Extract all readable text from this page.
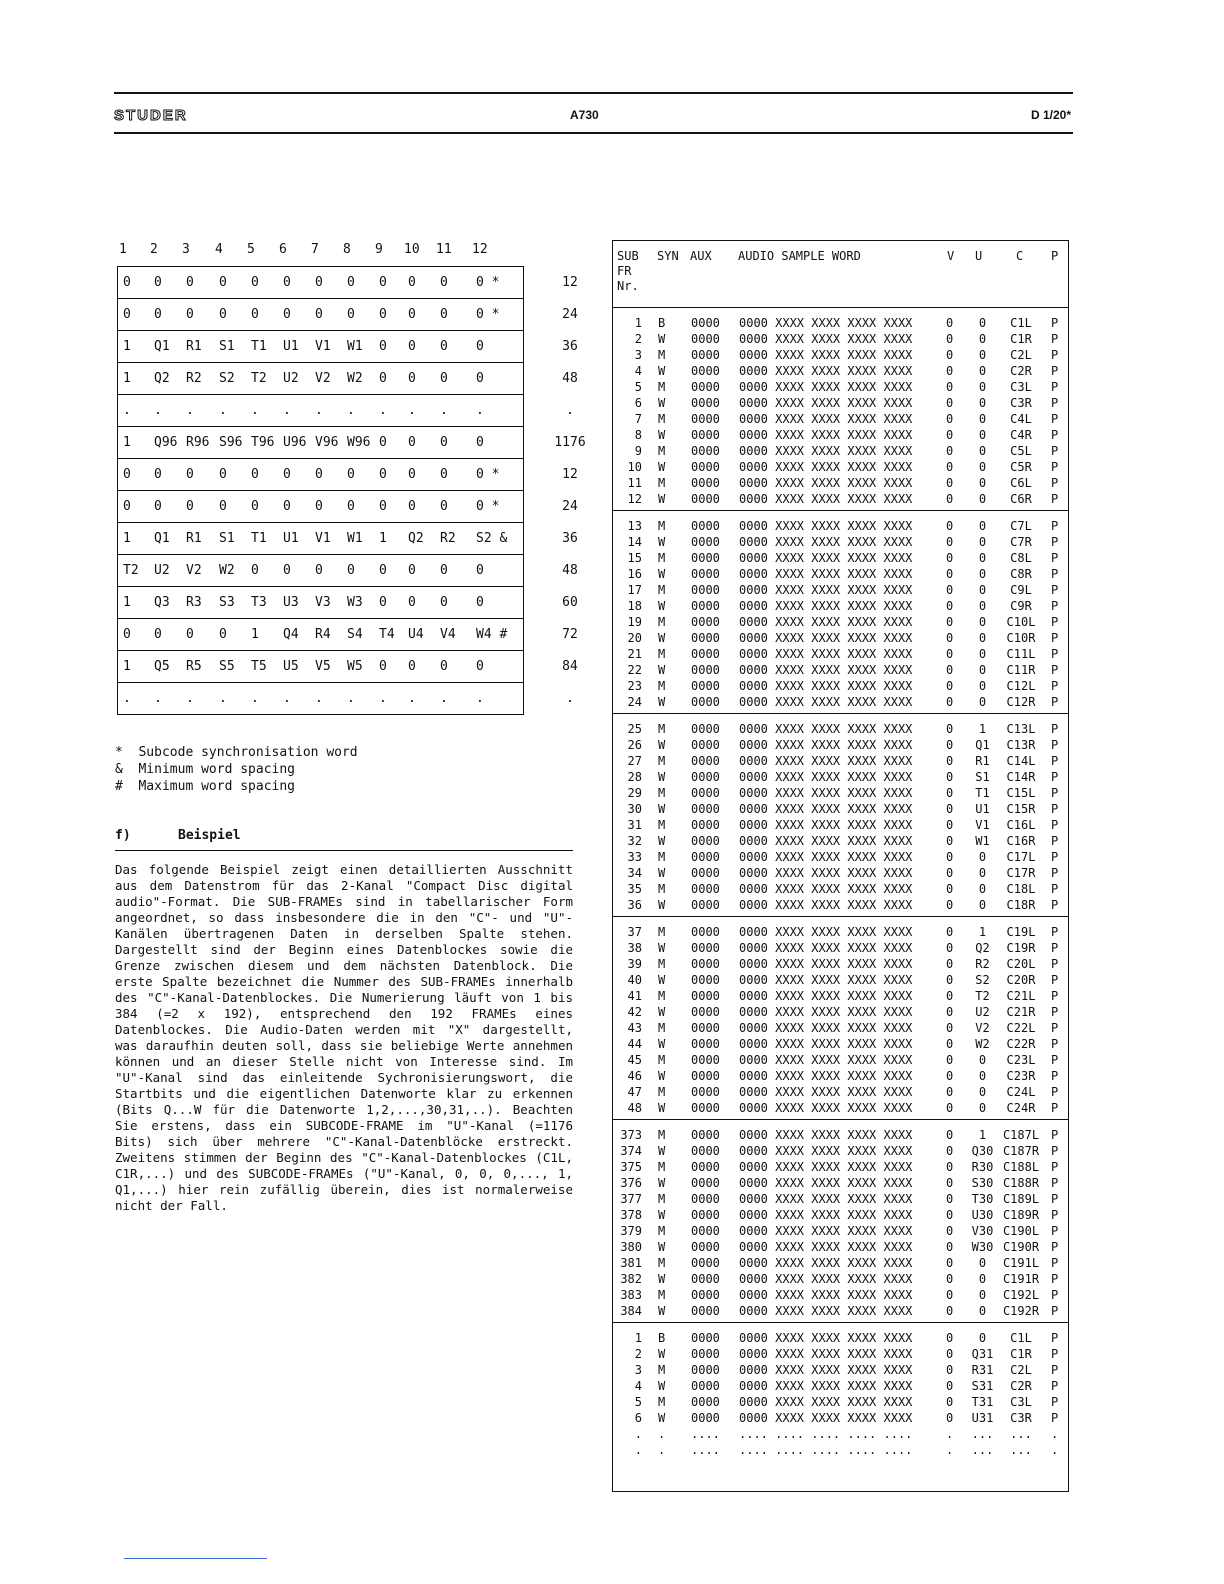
STUDER	A730	D 1/20*
1 2 3 4 5 6 7 8 9 10 11 12
0 0 0 0 0 0 0 0 0 0 0 0 *	12
0 0 0 0 0 0 0 0 0 0 0 0 *	24
1 Q1 R1 S1 T1 U1 V1 W1 0 0 0 0	36
1 Q2 R2 S2 T2 U2 V2 W2 0 0 0 0	48
. . . . . . . . . . . .	.
1 Q96 R96 S96 T96 U96 V96 W96 0 0 0 0	1176
0 0 0 0 0 0 0 0 0 0 0 0 *	12
0 0 0 0 0 0 0 0 0 0 0 0 *	24
1 Q1 R1 S1 T1 U1 V1 W1 1 Q2 R2 S2 &	36
T2 U2 V2 W2 0 0 0 0 0 0 0 0	48
1 Q3 R3 S3 T3 U3 V3 W3 0 0 0 0	60
0 0 0 0 1 Q4 R4 S4 T4 U4 V4 W4 #	72
1 Q5 R5 S5 T5 U5 V5 W5 0 0 0 0	84
. . . . . . . . . . . .	.
*  Subcode synchronisation word
&  Minimum word spacing
#  Maximum word spacing
f)	Beispiel
Das folgende Beispiel zeigt einen detaillierten Ausschnitt aus dem Datenstrom für das 2-Kanal "Compact Disc digital audio"-Format. Die SUB-FRAMEs sind in tabellarischer Form angeordnet, so dass insbesondere die in den "C"- und "U"-Kanälen übertragenen Daten in derselben Spalte stehen. Dargestellt sind der Beginn eines Datenblockes sowie die Grenze zwischen diesem und dem nächsten Datenblock. Die erste Spalte bezeichnet die Nummer des SUB-FRAMEs innerhalb des "C"-Kanal-Datenblockes. Die Numerierung läuft von 1 bis 384 (=2 x 192), entsprechend den 192 FRAMEs eines Datenblockes. Die Audio-Daten werden mit "X" dargestellt, was daraufhin deuten soll, dass sie beliebige Werte annehmen können und an dieser Stelle nicht von Interesse sind. Im "U"-Kanal sind das einleitende Sychronisierungswort, die Startbits und die eigentlichen Datenworte klar zu erkennen (Bits Q...W für die Datenworte 1,2,...,30,31,..). Beachten Sie erstens, dass ein SUBCODE-FRAME im "U"-Kanal (=1176 Bits) sich über mehrere "C"-Kanal-Datenblöcke erstreckt. Zweitens stimmen der Beginn des "C"-Kanal-Datenblockes (C1L, C1R,...) und des SUBCODE-FRAMEs ("U"-Kanal, 0, 0, 0,..., 1, Q1,...) hier rein zufällig überein, dies ist normalerweise nicht der Fall.
SUB
FR
Nr.
SYN AUX AUDIO SAMPLE WORD	V U	C P
1 B 0000 0000 XXXX XXXX XXXX XXXX	0	0	C1L	P
2 W 0000 0000 XXXX XXXX XXXX XXXX	0	0	C1R	P
3 M 0000 0000 XXXX XXXX XXXX XXXX	0	0	C2L	P
4 W 0000 0000 XXXX XXXX XXXX XXXX	0	0	C2R	P
5 M 0000 0000 XXXX XXXX XXXX XXXX	0	0	C3L	P
6 W 0000 0000 XXXX XXXX XXXX XXXX	0	0	C3R	P
7 M 0000 0000 XXXX XXXX XXXX XXXX	0	0	C4L	P
8 W 0000 0000 XXXX XXXX XXXX XXXX	0	0	C4R	P
9 M 0000 0000 XXXX XXXX XXXX XXXX	0	0	C5L	P
10 W 0000 0000 XXXX XXXX XXXX XXXX	0	0	C5R	P
11 M 0000 0000 XXXX XXXX XXXX XXXX	0	0	C6L	P
12 W 0000 0000 XXXX XXXX XXXX XXXX	0	0	C6R	P
13 M 0000 0000 XXXX XXXX XXXX XXXX	0	0	C7L	P
14 W 0000 0000 XXXX XXXX XXXX XXXX	0	0	C7R	P
15 M 0000 0000 XXXX XXXX XXXX XXXX	0	0	C8L	P
16 W 0000 0000 XXXX XXXX XXXX XXXX	0	0	C8R	P
17 M 0000 0000 XXXX XXXX XXXX XXXX	0	0	C9L	P
18 W 0000 0000 XXXX XXXX XXXX XXXX	0	0	C9R	P
19 M 0000 0000 XXXX XXXX XXXX XXXX	0	0	C10L	P
20 W 0000 0000 XXXX XXXX XXXX XXXX	0	0	C10R	P
21 M 0000 0000 XXXX XXXX XXXX XXXX	0	0	C11L	P
22 W 0000 0000 XXXX XXXX XXXX XXXX	0	0	C11R	P
23 M 0000 0000 XXXX XXXX XXXX XXXX	0	0	C12L	P
24 W 0000 0000 XXXX XXXX XXXX XXXX	0	0	C12R	P
25 M 0000 0000 XXXX XXXX XXXX XXXX	0	1	C13L	P
26 W 0000 0000 XXXX XXXX XXXX XXXX	0	Q1	C13R	P
27 M 0000 0000 XXXX XXXX XXXX XXXX	0	R1	C14L	P
28 W 0000 0000 XXXX XXXX XXXX XXXX	0	S1	C14R	P
29 M 0000 0000 XXXX XXXX XXXX XXXX	0	T1	C15L	P
30 W 0000 0000 XXXX XXXX XXXX XXXX	0	U1	C15R	P
31 M 0000 0000 XXXX XXXX XXXX XXXX	0	V1	C16L	P
32 W 0000 0000 XXXX XXXX XXXX XXXX	0	W1	C16R	P
33 M 0000 0000 XXXX XXXX XXXX XXXX	0	0	C17L	P
34 W 0000 0000 XXXX XXXX XXXX XXXX	0	0	C17R	P
35 M 0000 0000 XXXX XXXX XXXX XXXX	0	0	C18L	P
36 W 0000 0000 XXXX XXXX XXXX XXXX	0	0	C18R	P
37 M 0000 0000 XXXX XXXX XXXX XXXX	0	1	C19L	P
38 W 0000 0000 XXXX XXXX XXXX XXXX	0	Q2	C19R	P
39 M 0000 0000 XXXX XXXX XXXX XXXX	0	R2	C20L	P
40 W 0000 0000 XXXX XXXX XXXX XXXX	0	S2	C20R	P
41 M 0000 0000 XXXX XXXX XXXX XXXX	0	T2	C21L	P
42 W 0000 0000 XXXX XXXX XXXX XXXX	0	U2	C21R	P
43 M 0000 0000 XXXX XXXX XXXX XXXX	0	V2	C22L	P
44 W 0000 0000 XXXX XXXX XXXX XXXX	0	W2	C22R	P
45 M 0000 0000 XXXX XXXX XXXX XXXX	0	0	C23L	P
46 W 0000 0000 XXXX XXXX XXXX XXXX	0	0	C23R	P
47 M 0000 0000 XXXX XXXX XXXX XXXX	0	0	C24L	P
48 W 0000 0000 XXXX XXXX XXXX XXXX	0	0	C24R	P
373 M 0000 0000 XXXX XXXX XXXX XXXX	0	1	C187L P
374 W 0000 0000 XXXX XXXX XXXX XXXX	0	Q30 C187R P
375 M 0000 0000 XXXX XXXX XXXX XXXX	0	R30 C188L P
376 W 0000 0000 XXXX XXXX XXXX XXXX	0	S30 C188R P
377 M 0000 0000 XXXX XXXX XXXX XXXX	0	T30 C189L P
378 W 0000 0000 XXXX XXXX XXXX XXXX	0	U30 C189R P
379 M 0000 0000 XXXX XXXX XXXX XXXX	0	V30 C190L P
380 W 0000 0000 XXXX XXXX XXXX XXXX	0	W30 C190R P
381 M 0000 0000 XXXX XXXX XXXX XXXX	0	0	C191L P
382 W 0000 0000 XXXX XXXX XXXX XXXX	0	0	C191R P
383 M 0000 0000 XXXX XXXX XXXX XXXX	0	0	C192L P
384 W 0000 0000 XXXX XXXX XXXX XXXX	0	0	C192R P
1 B 0000 0000 XXXX XXXX XXXX XXXX	0	0	C1L	P
2 W 0000 0000 XXXX XXXX XXXX XXXX	0	Q31	C1R	P
3 M 0000 0000 XXXX XXXX XXXX XXXX	0	R31	C2L	P
4 W 0000 0000 XXXX XXXX XXXX XXXX	0	S31	C2R	P
5 M 0000 0000 XXXX XXXX XXXX XXXX	0	T31	C3L	P
6 W 0000 0000 XXXX XXXX XXXX XXXX	0	U31	C3R	P
. . .... .... .... .... .... ....	.	...	...	.
. . .... .... .... .... .... ....	.	...	...	.
